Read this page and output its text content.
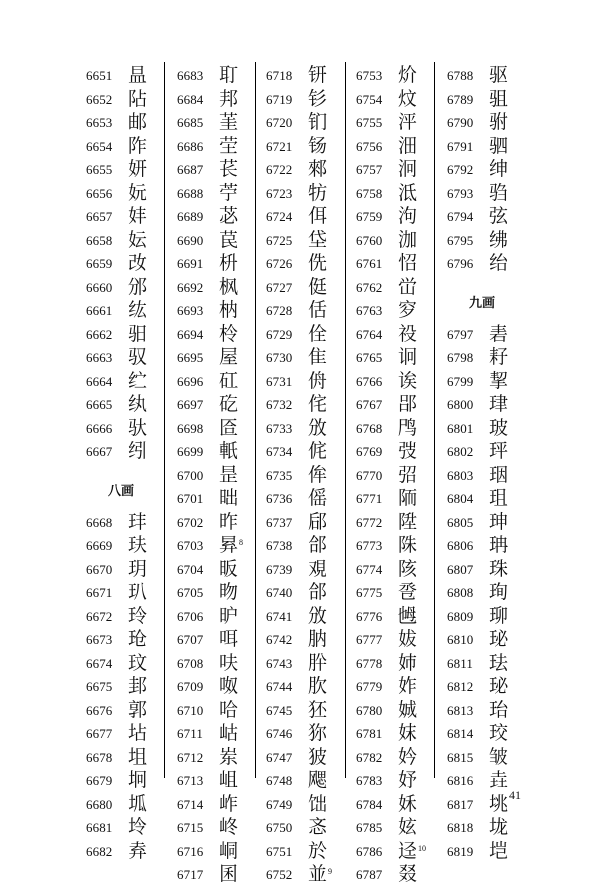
6651 昷
6652 阽
6653 邮
6654 阼
6655 妍
6656 妧
6657 妦
6658 妘
6659 妀
6660 邠
6661 纮
6662 驲
6663 驭
6664 纻
6665 纨
6666 驮
6667 纼
八画
6668 玤
6669 玞
6670 玥
6671 玐
6672 玲
6673 玱
6674 玟
6675 邽
6676 郭
6677 坫
6678 坥
6679 坰
6680 坬
6681 坽
6682 弆
6683 耵
6684 邦
6685 茥
6686 茔
6687 苌
6688 苧
6689 苾
6690 苠
6691 枡
6692 枫
6693 枘
6694 柃
6695 屋
6696 矼
6697 矻
6698 匼
6699 軝
6700 昰
6701 昢
6702 昨
6703 昪$^8$
6704 昄
6705 昒
6706 昈
6707 咡
6708 呋
6709 呶
6710 哈
6711 岵
6712 岽
6713 岨
6714 岞
6715 峂
6716 峒
6717 囷
6718 钘
6719 钐
6720 钔
6721 钖
6722 郲
6723 牥
6724 佴
6725 垈
6726 侁
6727 侹
6728 佸
6729 佺
6730 隹
6731 侜
6732 侘
6733 攽
6734 侂
6735 侔
6736 傜
6737 郈
6738 郃
6739 覌
6740 郃
6741 攽
6742 肭
6743 肸
6744 肷
6745 狉
6746 狝
6747 狓
6748 飔
6749 饳
6750 忞
6751 於
6752 並$^9$
6753 炌
6754 炆
6755 泙
6756 沺
6757 泂
6758 泜
6759 泃
6760 泇
6761 怊
6762 峃
6763 穸
6764 祋
6765 诇
6766 诶
6767 郘
6768 鸤
6769 弢
6770 弨
6771 陑
6772 陞
6773 陎
6774 陔
6775 卺
6776 乸
6777 妭
6778 姉
6779 妰
6780 娍
6781 妺
6782 妗
6783 妤
6784 姀
6785 妶
6786 迳$^{10}$
6787 叕
6788 驱
6789 驵
6790 驸
6791 驷
6792 绅
6793 驺
6794 弦
6795 绋
6796 绐
九画
6797 砉
6798 耔
6799 挈
6800 珒
6801 玻
6802 玶
6803 珚
6804 珇
6805 珅
6806 珃
6807 珠
6808 珣
6809 珋
6810 珌
6811 珐
6812 珌
6813 珆
6814 珓
6815 皱
6816 垚
6817 垗
6818 垅
6819 垲
41
